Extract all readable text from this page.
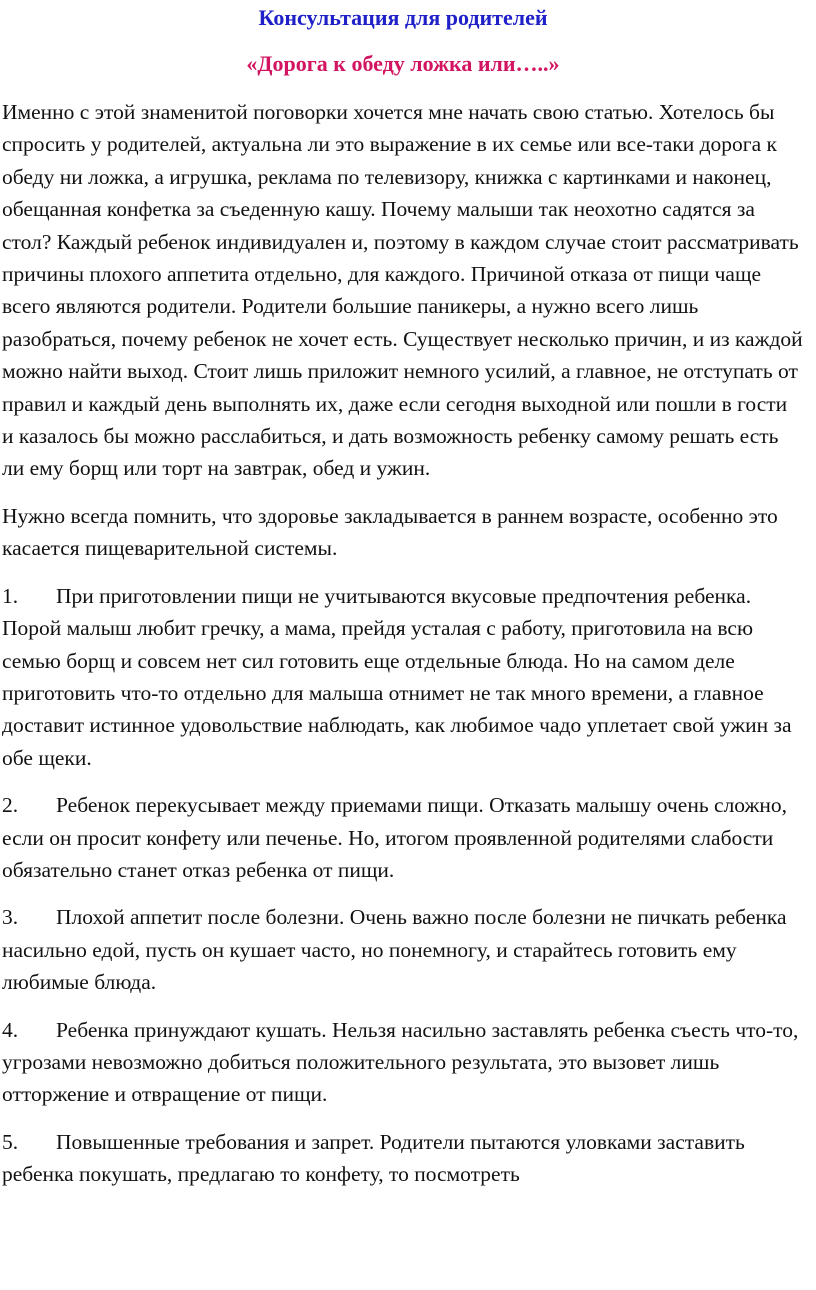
Консультация для родителей
«Дорога к обеду ложка или…..»

Именно с этой знаменитой поговорки хочется мне начать свою статью. Хотелось бы спросить у родителей, актуальна ли это выражение в их семье или все-таки дорога к обеду ни ложка, а игрушка, реклама по телевизору, книжка с картинками и наконец, обещанная конфетка за съеденную кашу. Почему малыши так неохотно садятся за стол? Каждый ребенок индивидуален и, поэтому в каждом случае стоит рассматривать причины плохого аппетита отдельно, для каждого. Причиной отказа от пищи чаще всего являются родители. Родители большие паникеры, а нужно всего лишь разобраться, почему ребенок не хочет есть. Существует несколько причин, и из каждой можно найти выход. Стоит лишь приложит немного усилий, а главное, не отступать от правил и каждый день выполнять их, даже если сегодня выходной или пошли в гости и казалось бы можно расслабиться, и дать возможность ребенку самому решать есть ли ему борщ или торт на завтрак, обед и ужин.

Нужно всегда помнить, что здоровье закладывается в раннем возрасте, особенно это касается пищеварительной системы.

1. При приготовлении пищи не учитываются вкусовые предпочтения ребенка. Порой малыш любит гречку, а мама, прейдя усталая с работу, приготовила на всю семью борщ и совсем нет сил готовить еще отдельные блюда. Но на самом деле приготовить что-то отдельно для малыша отнимет не так много времени, а главное доставит истинное удовольствие наблюдать, как любимое чадо уплетает свой ужин за обе щеки.

2. Ребенок перекусывает между приемами пищи. Отказать малышу очень сложно, если он просит конфету или печенье. Но, итогом проявленной родителями слабости обязательно станет отказ ребенка от пищи.

3. Плохой аппетит после болезни. Очень важно после болезни не пичкать ребенка насильно едой, пусть он кушает часто, но понемногу, и старайтесь готовить ему любимые блюда.

4. Ребенка принуждают кушать. Нельзя насильно заставлять ребенка съесть что-то, угрозами невозможно добиться положительного результата, это вызовет лишь отторжение и отвращение от пищи.

5. Повышенные требования и запрет. Родители пытаются уловками заставить ребенка покушать, предлагаю то конфету, то посмотреть
